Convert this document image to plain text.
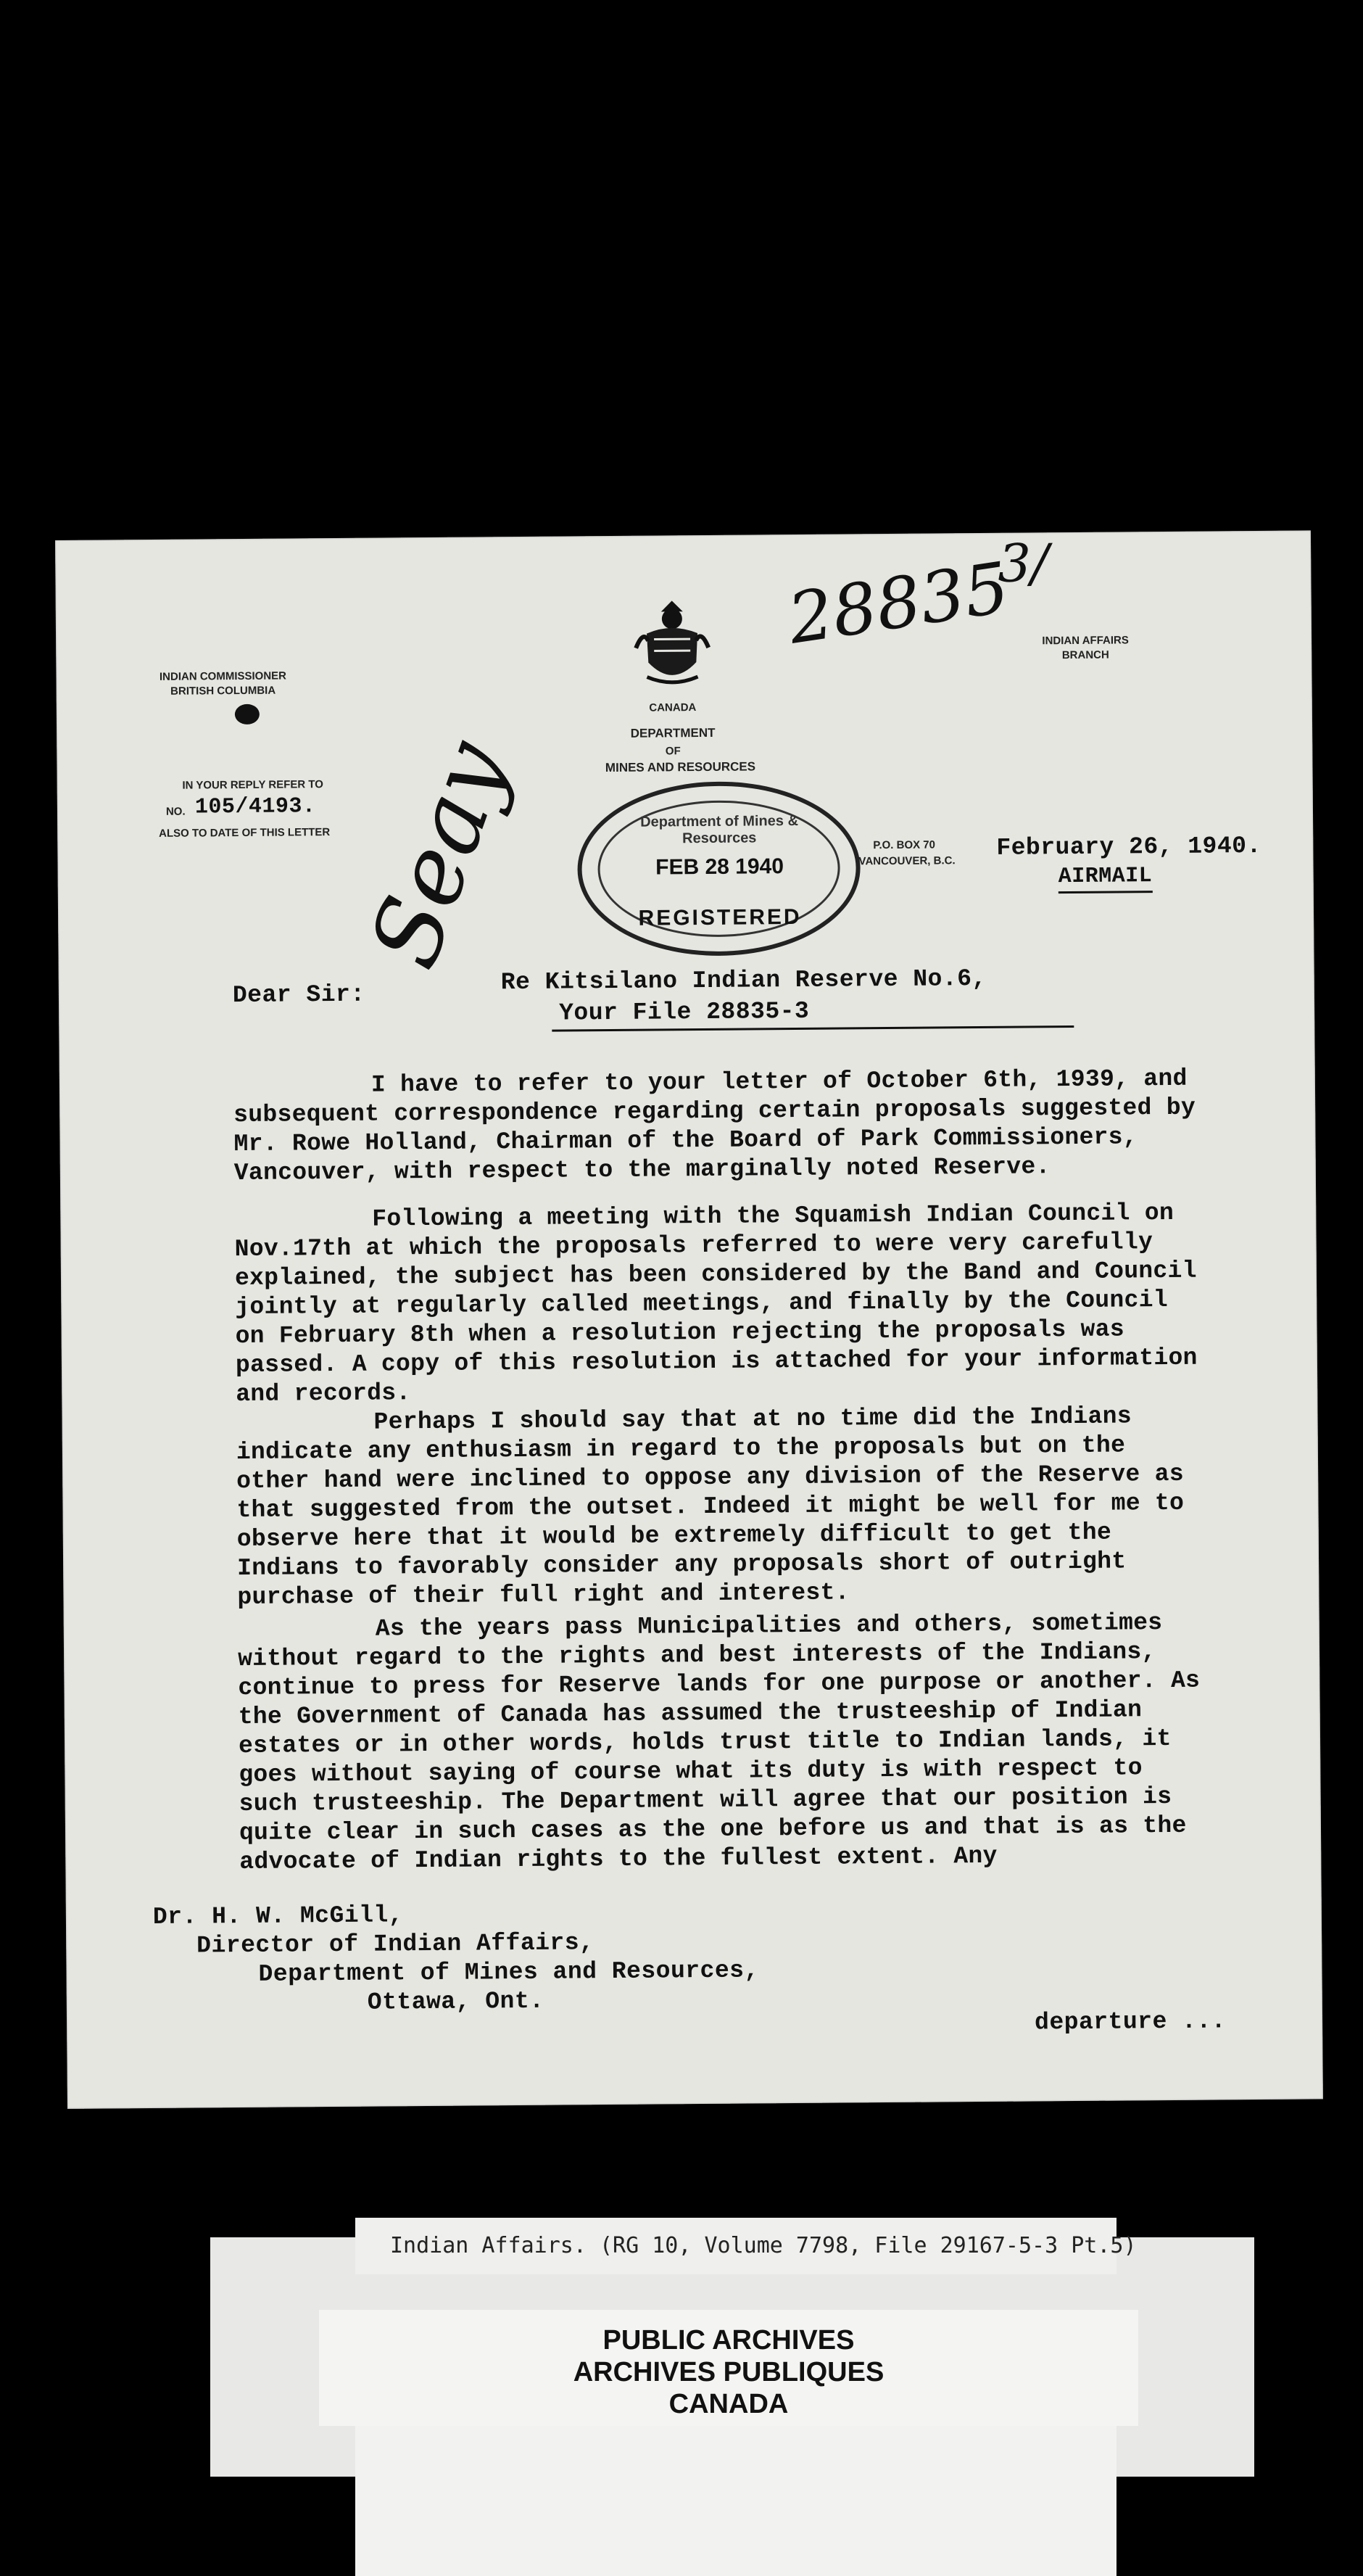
INDIAN COMMISSIONER
BRITISH COLUMBIA
IN YOUR REPLY REFER TO
NO. 105/4193.
ALSO TO DATE OF THIS LETTER
CANADA
DEPARTMENT
OF
MINES AND RESOURCES
INDIAN AFFAIRS
BRANCH
28835
3/
Seay	Department of Mines & Resources
FEB 28 1940
REGISTERED
P.O. BOX 70
VANCOUVER, B.C.	February 26, 1940.
AIRMAIL
Dear Sir:	Re Kitsilano Indian Reserve No.6,
Your File 28835-3

I have to refer to your letter of October 6th, 1939, and subsequent correspondence regarding certain proposals suggested by Mr. Rowe Holland, Chairman of the Board of Park Commissioners, Vancouver, with respect to the marginally noted Reserve.

Following a meeting with the Squamish Indian Council on Nov.17th at which the proposals referred to were very carefully explained, the subject has been considered by the Band and Council jointly at regularly called meetings, and finally by the Council on February 8th when a resolution rejecting the proposals was passed. A copy of this resolution is attached for your information and records.

Perhaps I should say that at no time did the Indians indicate any enthusiasm in regard to the proposals but on the other hand were inclined to oppose any division of the Reserve as that suggested from the outset. Indeed it might be well for me to observe here that it would be extremely difficult to get the Indians to favorably consider any proposals short of outright purchase of their full right and interest.

As the years pass Municipalities and others, sometimes without regard to the rights and best interests of the Indians, continue to press for Reserve lands for one purpose or another. As the Government of Canada has assumed the trusteeship of Indian estates or in other words, holds trust title to Indian lands, it goes without saying of course what its duty is with respect to such trusteeship. The Department will agree that our position is quite clear in such cases as the one before us and that is as the advocate of Indian rights to the fullest extent. Any

Dr. H. W. McGill,
Director of Indian Affairs,
Department of Mines and Resources,
Ottawa, Ont.
departure ...
Indian Affairs. (RG 10, Volume 7798, File 29167-5-3 Pt.5)
PUBLIC ARCHIVES
ARCHIVES PUBLIQUES
CANADA
